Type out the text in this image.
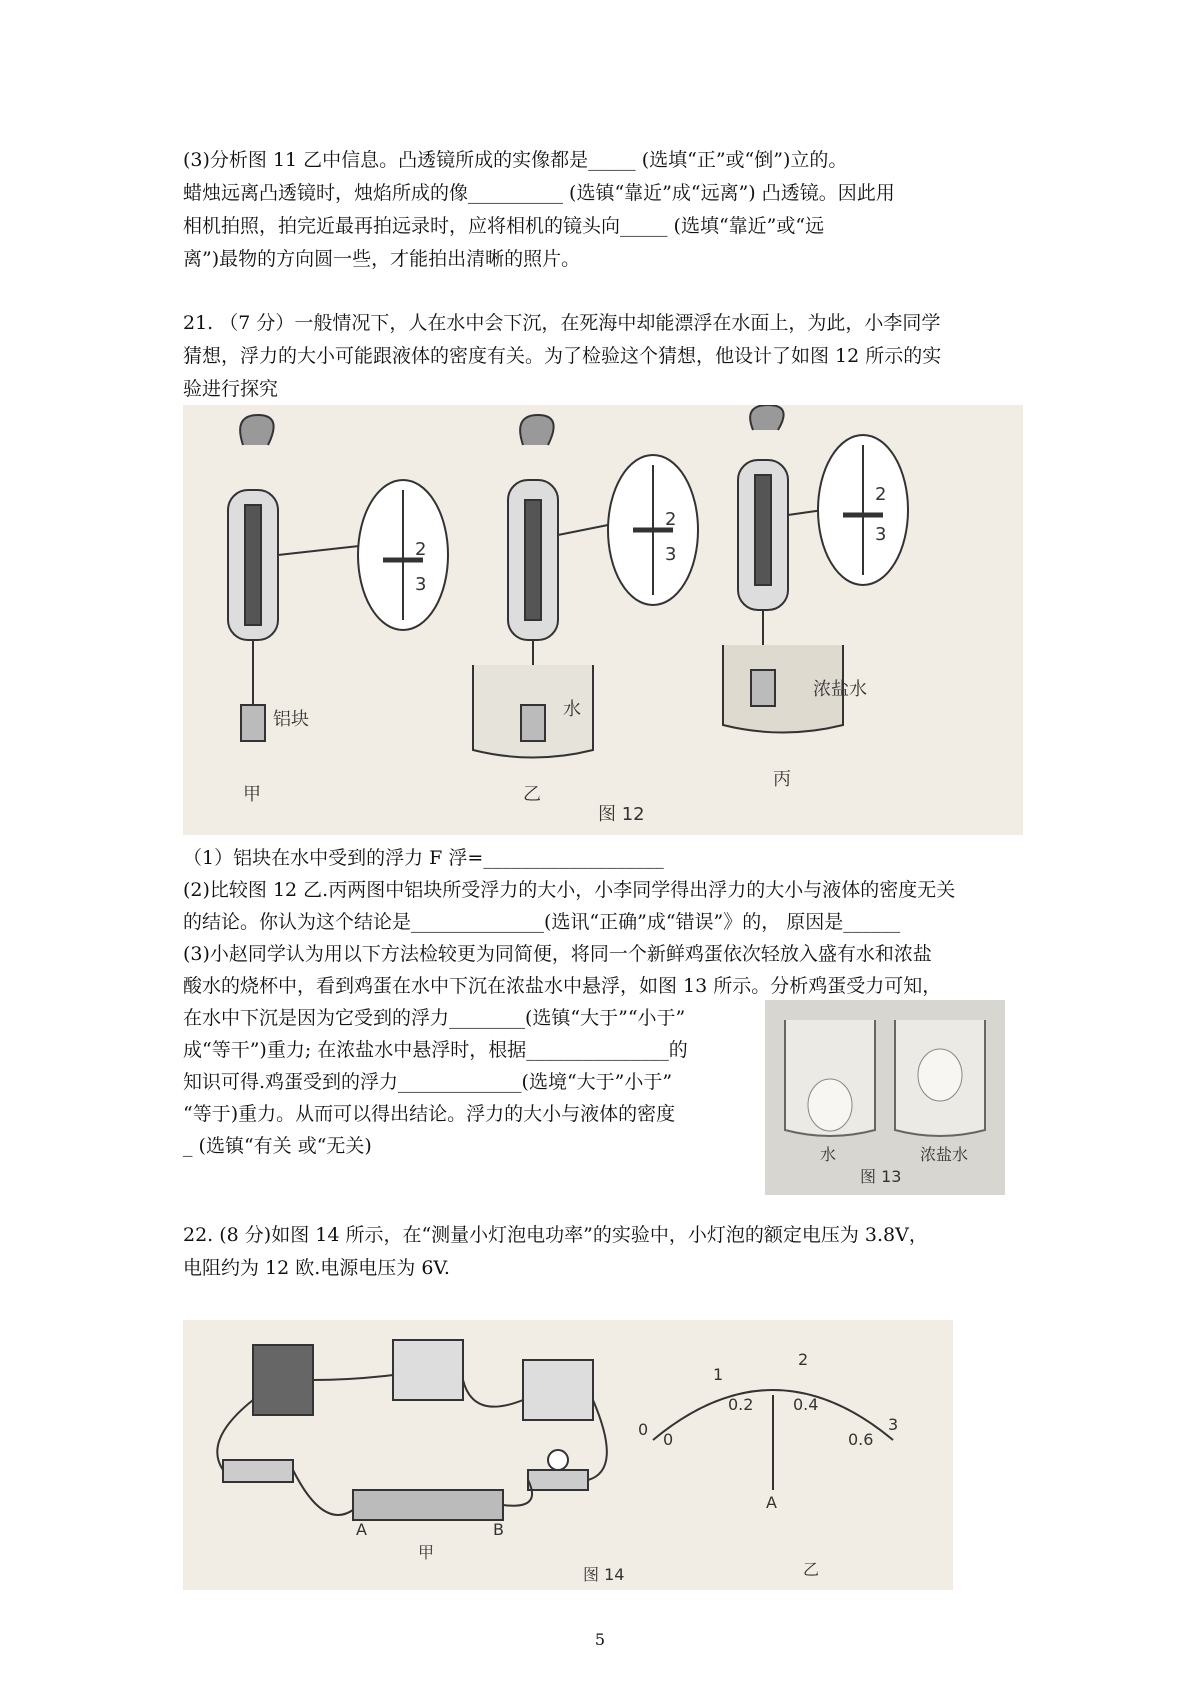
(3)分析图 11 乙中信息。凸透镜所成的实像都是_____ (选填“正”或“倒”)立的。
蜡烛远离凸透镜时，烛焰所成的像__________ (选镇“靠近”成“远离”) 凸透镜。因此用
相机拍照，拍完近最再拍远录时，应将相机的镜头向_____ (选填“靠近”或“远
离”)最物的方向圆一些，才能拍出清晰的照片。
21. （7 分）一般情况下，人在水中会下沉，在死海中却能漂浮在水面上，为此，小李同学
猜想，浮力的大小可能跟液体的密度有关。为了检验这个猜想，他设计了如图 12 所示的实
验进行探究
2
3
2
3
2
3
铝块	水
浓盐水
甲	乙
丙
图 12
（1）铝块在水中受到的浮力 F 浮=___________________
(2)比较图 12 乙.丙两图中铝块所受浮力的大小，小李同学得出浮力的大小与液体的密度无关
的结论。你认为这个结论是______________(选讯“正确”成“错误”》的， 原因是______
(3)小赵同学认为用以下方法检较更为同简便，将同一个新鲜鸡蛋依次轻放入盛有水和浓盐
酸水的烧杯中，看到鸡蛋在水中下沉在浓盐水中悬浮，如图 13 所示。分析鸡蛋受力可知，
在水中下沉是因为它受到的浮力________(选镇“大于”“小于”
成“等干”)重力; 在浓盐水中悬浮时，根据_______________的
知识可得.鸡蛋受到的浮力_____________(选境“大于”小于”
“等于)重力。从而可以得出结论。浮力的大小与液体的密度
_ (选镇“有关 或“无关)	水	浓盐水
图 13
22. (8 分)如图 14 所示，在“测量小灯泡电功率”的实验中，小灯泡的额定电压为 3.8V，
电阻约为 12 欧.电源电压为 6V.
A	B
A
0
1
2
3
0
0.2 0.4
0.6
甲
图 14	乙
5
